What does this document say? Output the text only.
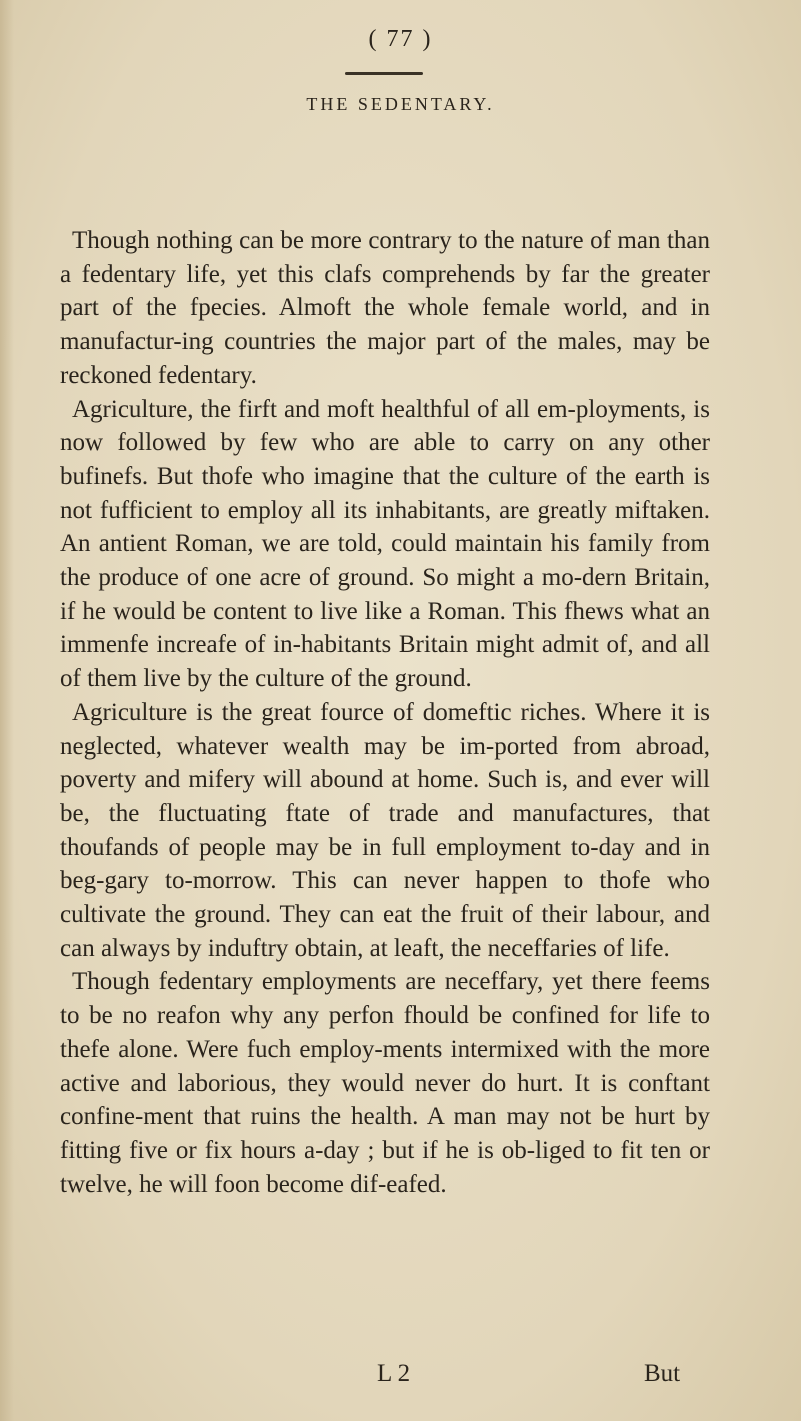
( 77 )
THE SEDENTARY.

Though nothing can be more contrary to the nature of man than a fedentary life, yet this clafs comprehends by far the greater part of the fpecies. Almoft the whole female world, and in manufactur-ing countries the major part of the males, may be reckoned fedentary.

Agriculture, the firft and moft healthful of all em-ployments, is now followed by few who are able to carry on any other bufinefs. But thofe who imagine that the culture of the earth is not fufficient to employ all its inhabitants, are greatly miftaken. An antient Roman, we are told, could maintain his family from the produce of one acre of ground. So might a mo-dern Britain, if he would be content to live like a Roman. This fhews what an immenfe increafe of in-habitants Britain might admit of, and all of them live by the culture of the ground.

Agriculture is the great fource of domeftic riches. Where it is neglected, whatever wealth may be im-ported from abroad, poverty and mifery will abound at home. Such is, and ever will be, the fluctuating ftate of trade and manufactures, that thoufands of people may be in full employment to-day and in beg-gary to-morrow. This can never happen to thofe who cultivate the ground. They can eat the fruit of their labour, and can always by induftry obtain, at leaft, the neceffaries of life.

Though fedentary employments are neceffary, yet there feems to be no reafon why any perfon fhould be confined for life to thefe alone. Were fuch employ-ments intermixed with the more active and laborious, they would never do hurt. It is conftant confine-ment that ruins the health. A man may not be hurt by fitting five or fix hours a-day ; but if he is ob-liged to fit ten or twelve, he will foon become dif-eafed.

L 2	But
